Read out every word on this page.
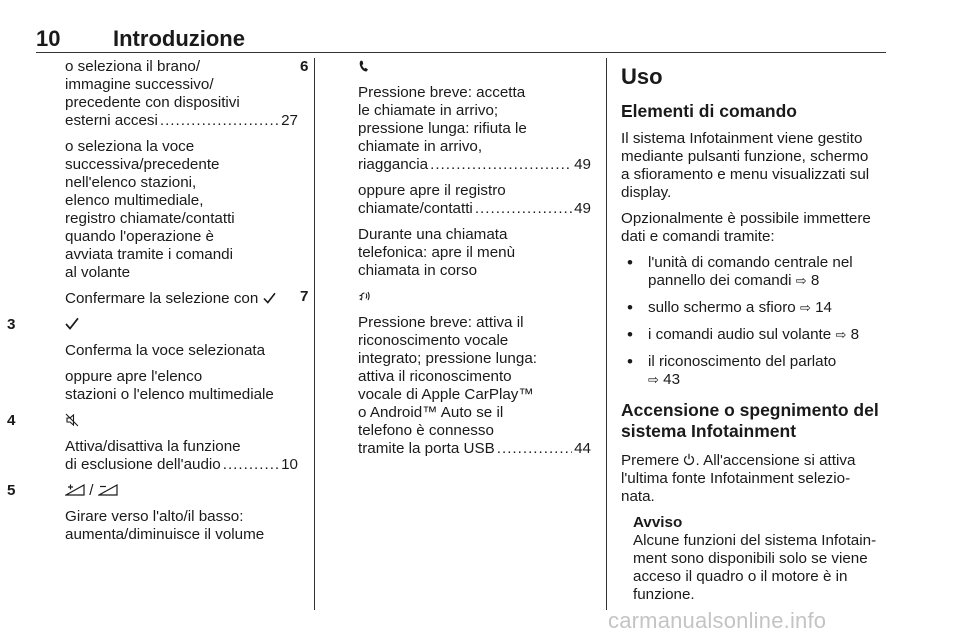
10 Introduzione
o seleziona il brano/
immagine successivo/
precedente con dispositivi
esterni accesi .....	27
o seleziona la voce
successiva/precedente
nell'elenco stazioni,
elenco multimediale,
registro chiamate/contatti
quando l'operazione è
avviata tramite i comandi
al volante
Confermare la selezione con
3
Conferma la voce selezionata
oppure apre l'elenco
stazioni o l'elenco multimediale
4
Attiva/disattiva la funzione
di esclusione dell'audio .....	10
5	/
Girare verso l'alto/il basso:
aumenta/diminuisce il volume
6
Pressione breve: accetta
le chiamate in arrivo;
pressione lunga: rifiuta le
chiamate in arrivo,
riaggancia .....	49
oppure apre il registro
chiamate/contatti .....	49
Durante una chiamata
telefonica: apre il menù
chiamata in corso
7
Pressione breve: attiva il
riconoscimento vocale
integrato; pressione lunga:
attiva il riconoscimento
vocale di Apple CarPlay™
o Android™ Auto se il
telefono è connesso
tramite la porta USB .....	44
Uso
Elementi di comando
Il sistema Infotainment viene gestito
mediante pulsanti funzione, schermo
a sfioramento e menu visualizzati sul
display.
Opzionalmente è possibile immettere
dati e comandi tramite:
• l'unità di comando centrale nel
pannello dei comandi ⇨ 8
• sullo schermo a sfioro ⇨ 14
• i comandi audio sul volante ⇨ 8
• il riconoscimento del parlato
⇨ 43
Accensione o spegnimento del
sistema Infotainment
Premere . All'accensione si attiva
l'ultima fonte Infotainment selezio-
nata.
Avviso
Alcune funzioni del sistema Infotain-
ment sono disponibili solo se viene
acceso il quadro o il motore è in
funzione.
carmanualsonline.info
